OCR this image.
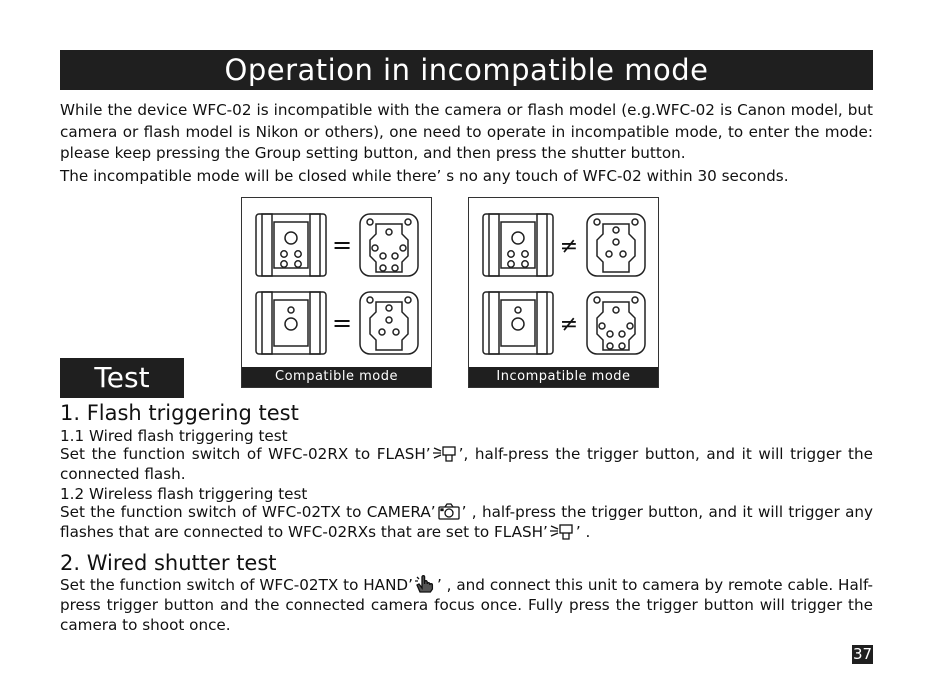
Operation in incompatible mode

While the device WFC-02 is incompatible with the camera or flash model (e.g.WFC-02 is Canon model, but camera or flash model is Nikon or others), one need to operate in incompatible mode, to enter the mode: please keep pressing the Group setting button, and then press the shutter button.

The incompatible mode will be closed while there’ s no any touch of WFC-02 within 30 seconds.

=
=
Compatible mode
≠
≠
Incompatible mode
Test
1. Flash triggering test
1.1 Wired flash triggering test

Set the function switch of WFC-02RX to FLASH’ ’, half-press the trigger button, and it will trigger the connected flash.

1.2 Wireless flash triggering test

Set the function switch of WFC-02TX to CAMERA’ ’ , half-press the trigger button, and it will trigger any flashes that are connected to WFC-02RXs that are set to FLASH’ ’ .

2. Wired shutter test

Set the function switch of WFC-02TX to HAND’ ’ , and connect this unit to camera by remote cable. Half-press trigger button and the connected camera focus once. Fully press the trigger button will trigger the camera to shoot once.

37
